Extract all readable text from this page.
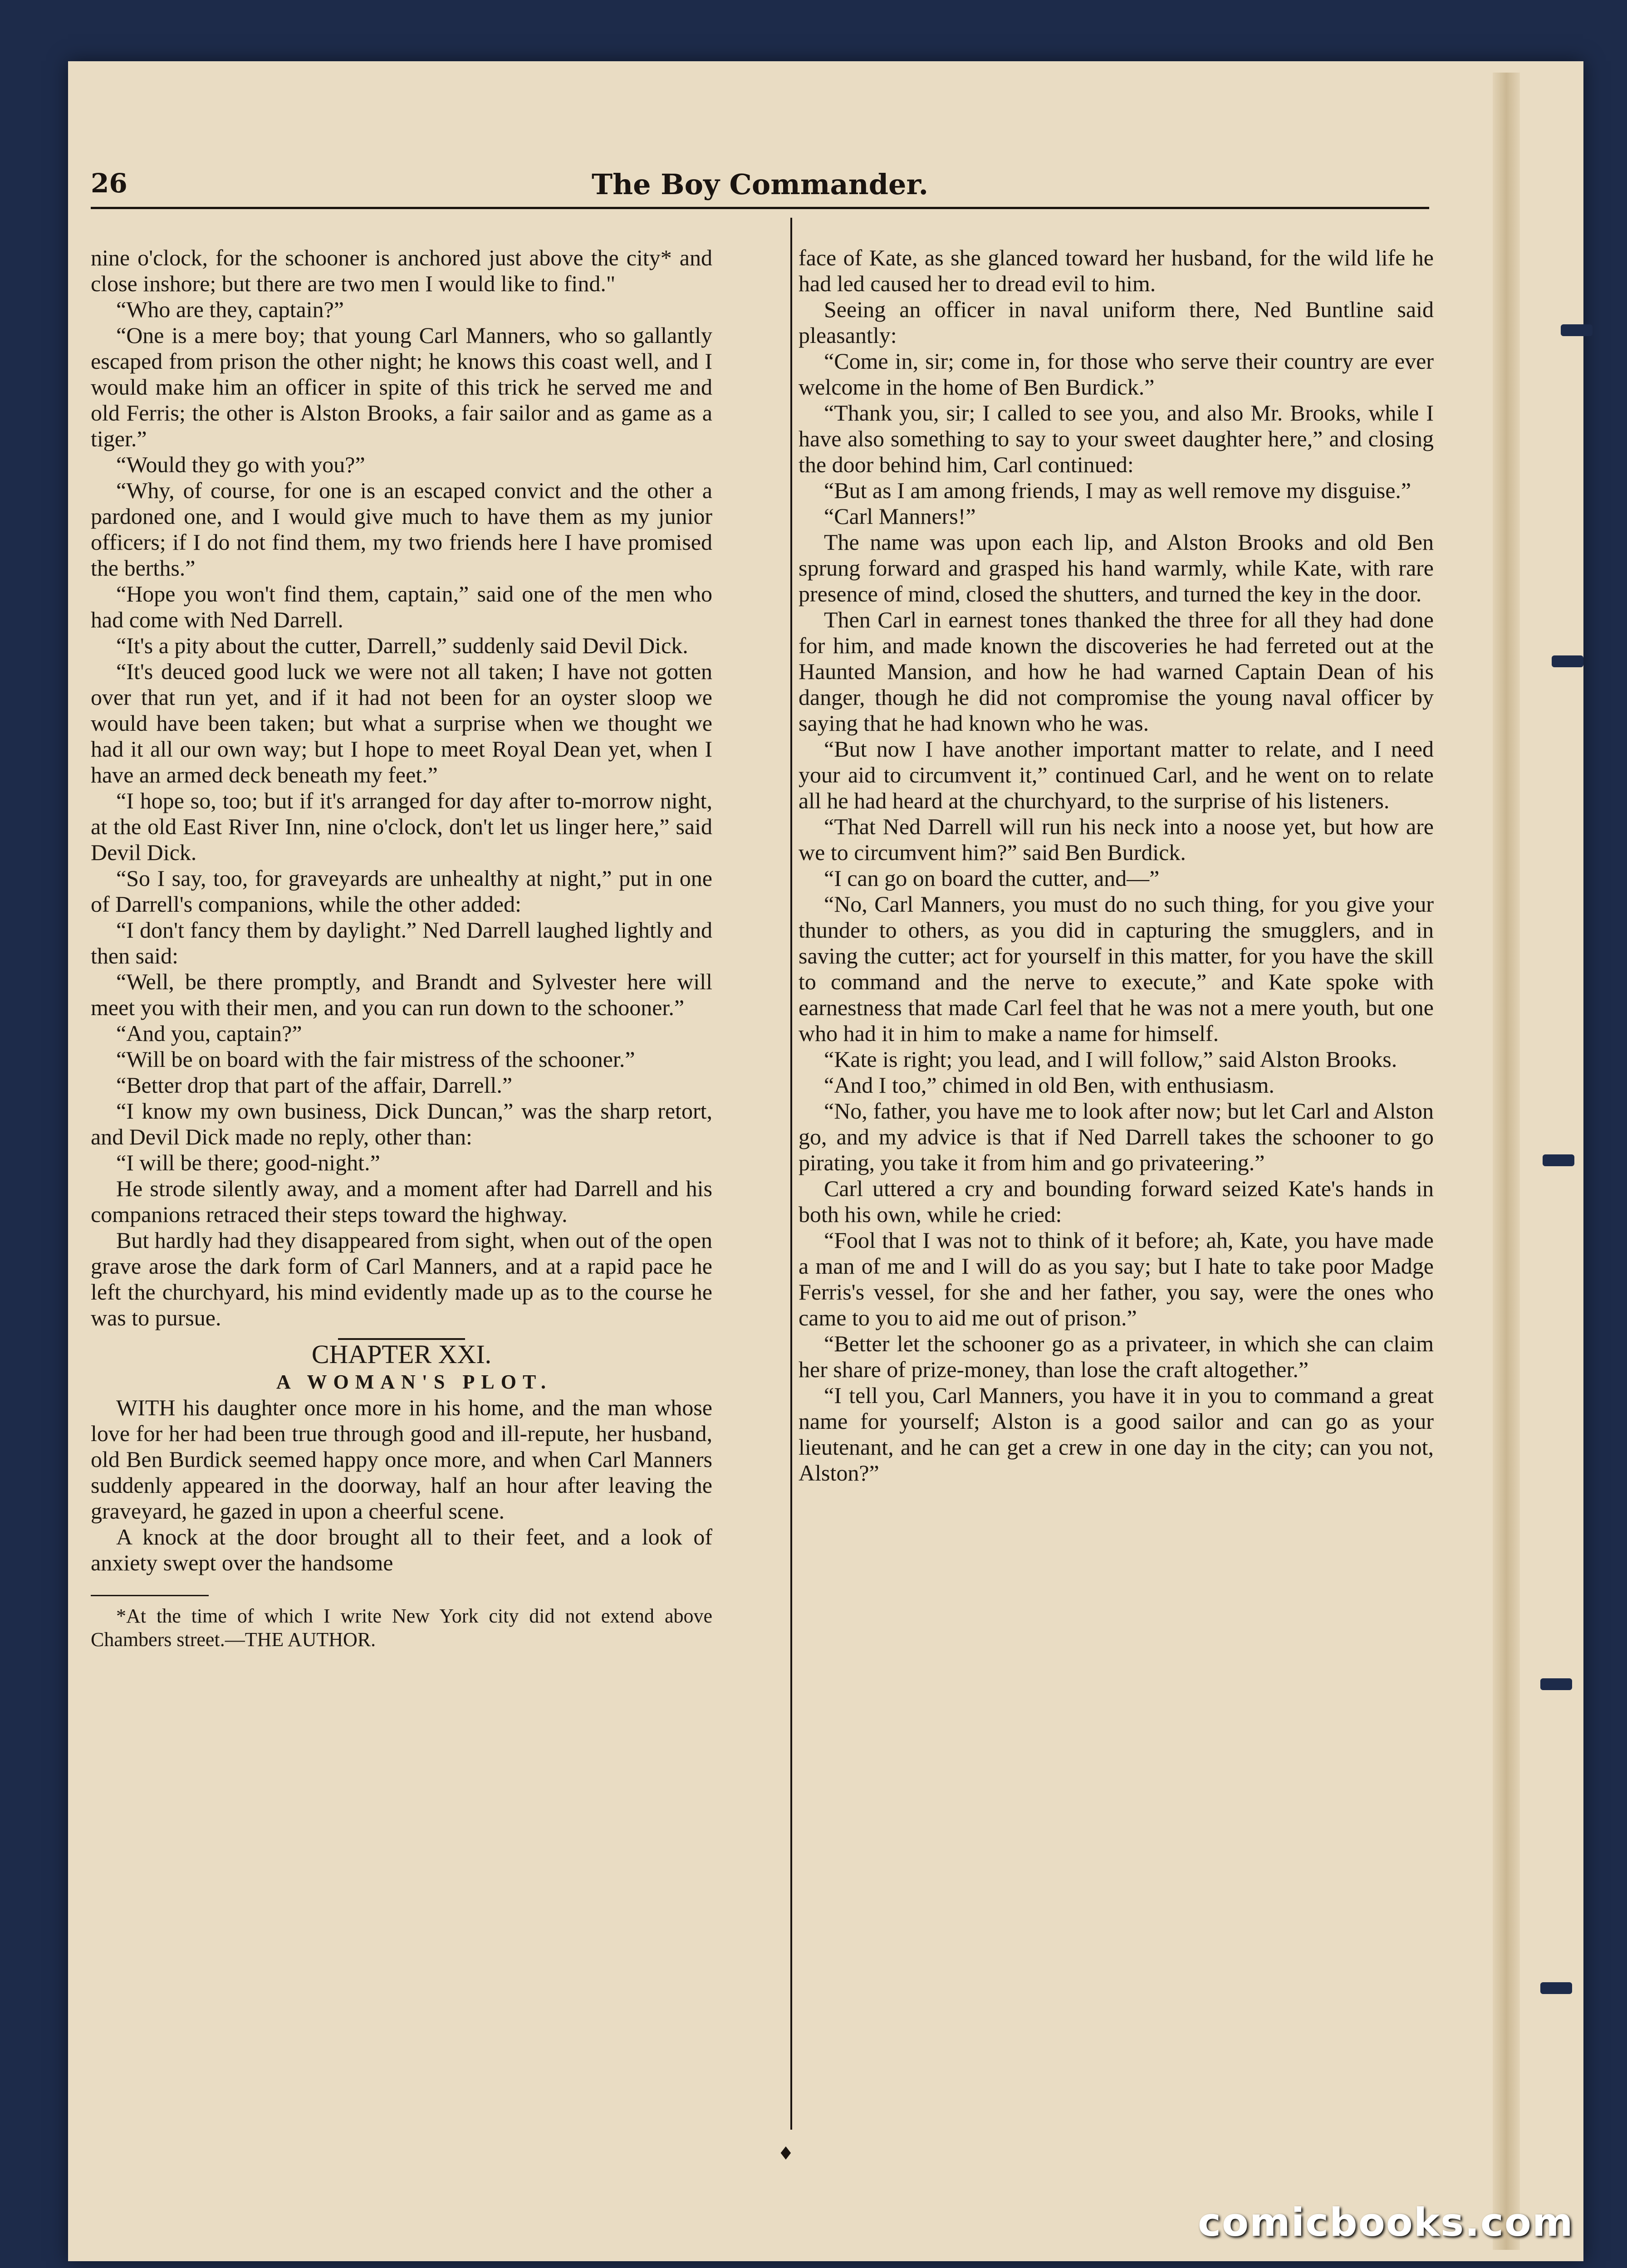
26	The Boy Commander.

nine o'clock, for the schooner is anchored just above the city* and close inshore; but there are two men I would like to find."

“Who are they, captain?”

“One is a mere boy; that young Carl Manners, who so gallantly escaped from prison the other night; he knows this coast well, and I would make him an officer in spite of this trick he served me and old Ferris; the other is Alston Brooks, a fair sailor and as game as a tiger.”

“Would they go with you?”

“Why, of course, for one is an escaped convict and the other a pardoned one, and I would give much to have them as my junior officers; if I do not find them, my two friends here I have promised the berths.”

“Hope you won't find them, captain,” said one of the men who had come with Ned Darrell.

“It's a pity about the cutter, Darrell,” suddenly said Devil Dick.

“It's deuced good luck we were not all taken; I have not gotten over that run yet, and if it had not been for an oyster sloop we would have been taken; but what a surprise when we thought we had it all our own way; but I hope to meet Royal Dean yet, when I have an armed deck beneath my feet.”

“I hope so, too; but if it's arranged for day after to-morrow night, at the old East River Inn, nine o'clock, don't let us linger here,” said Devil Dick.

“So I say, too, for graveyards are unhealthy at night,” put in one of Darrell's companions, while the other added:

“I don't fancy them by daylight.” Ned Darrell laughed lightly and then said:

“Well, be there promptly, and Brandt and Sylvester here will meet you with their men, and you can run down to the schooner.”

“And you, captain?”

“Will be on board with the fair mistress of the schooner.”

“Better drop that part of the affair, Darrell.”

“I know my own business, Dick Duncan,” was the sharp retort, and Devil Dick made no reply, other than:

“I will be there; good-night.”

He strode silently away, and a moment after had Darrell and his companions retraced their steps toward the highway.

But hardly had they disappeared from sight, when out of the open grave arose the dark form of Carl Manners, and at a rapid pace he left the churchyard, his mind evidently made up as to the course he was to pursue.

CHAPTER XXI.

A WOMAN'S PLOT.

WITH his daughter once more in his home, and the man whose love for her had been true through good and ill-repute, her husband, old Ben Burdick seemed happy once more, and when Carl Manners suddenly appeared in the doorway, half an hour after leaving the graveyard, he gazed in upon a cheerful scene.

A knock at the door brought all to their feet, and a look of anxiety swept over the handsome

*At the time of which I write New York city did not extend above Chambers street.—THE AUTHOR.

face of Kate, as she glanced toward her husband, for the wild life he had led caused her to dread evil to him.

Seeing an officer in naval uniform there, Ned Buntline said pleasantly:

“Come in, sir; come in, for those who serve their country are ever welcome in the home of Ben Burdick.”

“Thank you, sir; I called to see you, and also Mr. Brooks, while I have also something to say to your sweet daughter here,” and closing the door behind him, Carl continued:

“But as I am among friends, I may as well remove my disguise.”

“Carl Manners!”

The name was upon each lip, and Alston Brooks and old Ben sprung forward and grasped his hand warmly, while Kate, with rare presence of mind, closed the shutters, and turned the key in the door.

Then Carl in earnest tones thanked the three for all they had done for him, and made known the discoveries he had ferreted out at the Haunted Mansion, and how he had warned Captain Dean of his danger, though he did not compromise the young naval officer by saying that he had known who he was.

“But now I have another important matter to relate, and I need your aid to circumvent it,” continued Carl, and he went on to relate all he had heard at the churchyard, to the surprise of his listeners.

“That Ned Darrell will run his neck into a noose yet, but how are we to circumvent him?” said Ben Burdick.

“I can go on board the cutter, and—”

“No, Carl Manners, you must do no such thing, for you give your thunder to others, as you did in capturing the smugglers, and in saving the cutter; act for yourself in this matter, for you have the skill to command and the nerve to execute,” and Kate spoke with earnestness that made Carl feel that he was not a mere youth, but one who had it in him to make a name for himself.

“Kate is right; you lead, and I will follow,” said Alston Brooks.

“And I too,” chimed in old Ben, with enthusiasm.

“No, father, you have me to look after now; but let Carl and Alston go, and my advice is that if Ned Darrell takes the schooner to go pirating, you take it from him and go privateering.”

Carl uttered a cry and bounding forward seized Kate's hands in both his own, while he cried:

“Fool that I was not to think of it before; ah, Kate, you have made a man of me and I will do as you say; but I hate to take poor Madge Ferris's vessel, for she and her father, you say, were the ones who came to you to aid me out of prison.”

“Better let the schooner go as a privateer, in which she can claim her share of prize-money, than lose the craft altogether.”

“I tell you, Carl Manners, you have it in you to command a great name for yourself; Alston is a good sailor and can go as your lieutenant, and he can get a crew in one day in the city; can you not, Alston?”

♦
comicbooks.com
